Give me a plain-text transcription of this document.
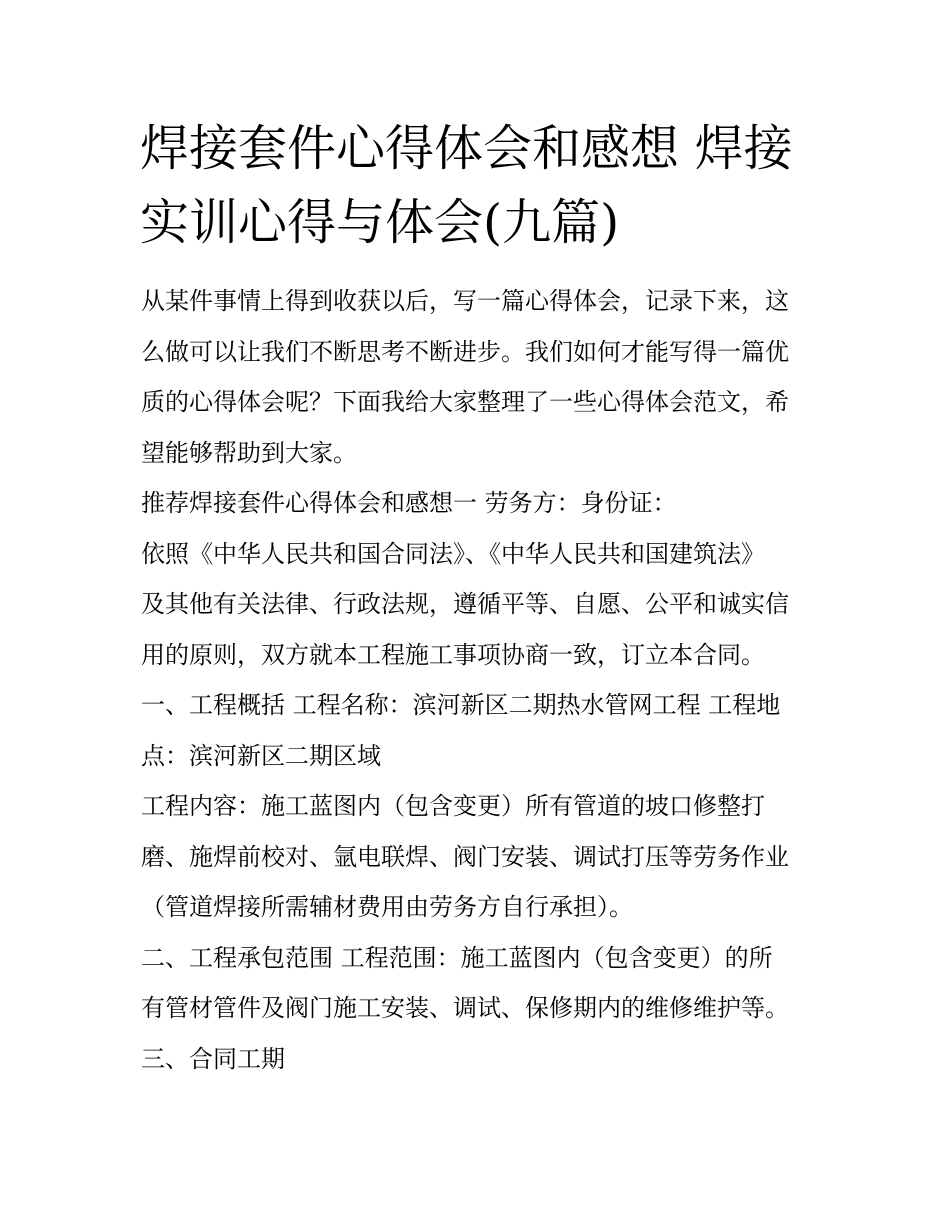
焊接套件心得体会和感想 焊接
实训心得与体会(九篇)
从某件事情上得到收获以后，写一篇心得体会，记录下来，这
么做可以让我们不断思考不断进步。我们如何才能写得一篇优
质的心得体会呢？下面我给大家整理了一些心得体会范文，希
望能够帮助到大家。
推荐焊接套件心得体会和感想一 劳务方：身份证：
依照《中华人民共和国合同法》、《中华人民共和国建筑法》
及其他有关法律、行政法规，遵循平等、自愿、公平和诚实信
用的原则，双方就本工程施工事项协商一致，订立本合同。
一、工程概括 工程名称：滨河新区二期热水管网工程 工程地
点：滨河新区二期区域
工程内容：施工蓝图内（包含变更）所有管道的坡口修整打
磨、施焊前校对、氩电联焊、阀门安装、调试打压等劳务作业
（管道焊接所需辅材费用由劳务方自行承担）。
二、工程承包范围 工程范围：施工蓝图内（包含变更）的所
有管材管件及阀门施工安装、调试、保修期内的维修维护等。
三、合同工期
